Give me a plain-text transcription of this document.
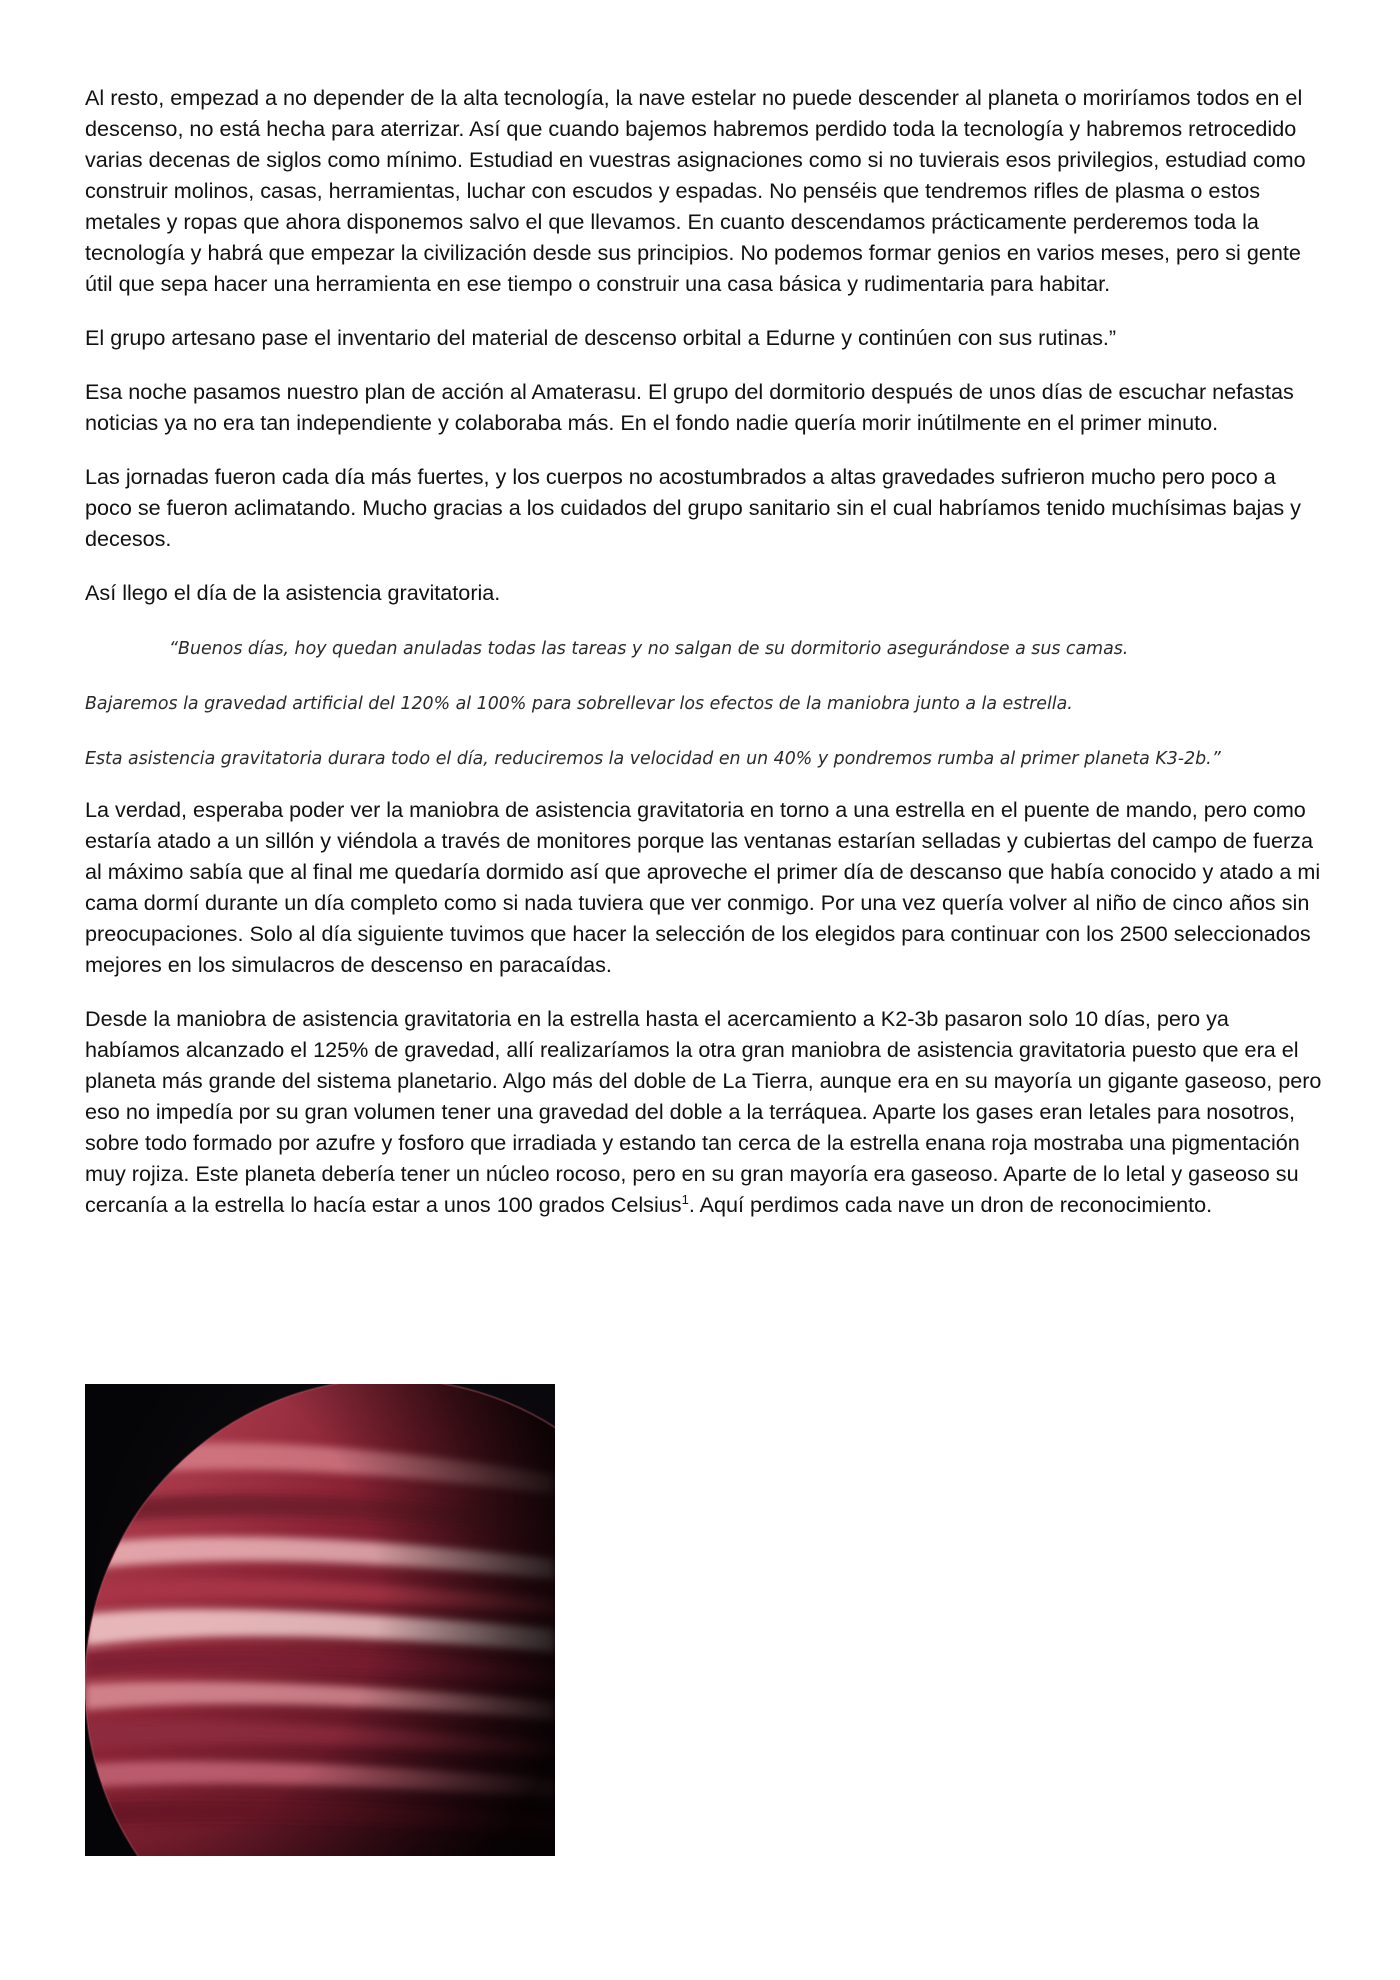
Al resto, empezad a no depender de la alta tecnología, la nave estelar no puede descender al planeta o moriríamos todos en el descenso, no está hecha para aterrizar. Así que cuando bajemos habremos perdido toda la tecnología y habremos retrocedido varias decenas de siglos como mínimo. Estudiad en vuestras asignaciones como si no tuvierais esos privilegios, estudiad como construir molinos, casas, herramientas, luchar con escudos y espadas. No penséis que tendremos rifles de plasma o estos metales y ropas que ahora disponemos salvo el que llevamos. En cuanto descendamos prácticamente perderemos toda la tecnología y habrá que empezar la civilización desde sus principios. No podemos formar genios en varios meses, pero si gente útil que sepa hacer una herramienta en ese tiempo o construir una casa básica y rudimentaria para habitar.

El grupo artesano pase el inventario del material de descenso orbital a Edurne y continúen con sus rutinas.”

Esa noche pasamos nuestro plan de acción al Amaterasu. El grupo del dormitorio después de unos días de escuchar nefastas noticias ya no era tan independiente y colaboraba más. En el fondo nadie quería morir inútilmente en el primer minuto.

Las jornadas fueron cada día más fuertes, y los cuerpos no acostumbrados a altas gravedades sufrieron mucho pero poco a poco se fueron aclimatando. Mucho gracias a los cuidados del grupo sanitario sin el cual habríamos tenido muchísimas bajas y decesos.

Así llego el día de la asistencia gravitatoria.

“Buenos días, hoy quedan anuladas todas las tareas y no salgan de su dormitorio asegurándose a sus camas.

Bajaremos la gravedad artificial del 120% al 100% para sobrellevar los efectos de la maniobra junto a la estrella.

Esta asistencia gravitatoria durara todo el día, reduciremos la velocidad en un 40% y pondremos rumba al primer planeta K3-2b.”

La verdad, esperaba poder ver la maniobra de asistencia gravitatoria en torno a una estrella en el puente de mando, pero como estaría atado a un sillón y viéndola a través de monitores porque las ventanas estarían selladas y cubiertas del campo de fuerza al máximo sabía que al final me quedaría dormido así que aproveche el primer día de descanso que había conocido y atado a mi cama dormí durante un día completo como si nada tuviera que ver conmigo. Por una vez quería volver al niño de cinco años sin preocupaciones. Solo al día siguiente tuvimos que hacer la selección de los elegidos para continuar con los 2500 seleccionados mejores en los simulacros de descenso en paracaídas.

Desde la maniobra de asistencia gravitatoria en la estrella hasta el acercamiento a K2-3b pasaron solo 10 días, pero ya habíamos alcanzado el 125% de gravedad, allí realizaríamos la otra gran maniobra de asistencia gravitatoria puesto que era el planeta más grande del sistema planetario. Algo más del doble de La Tierra, aunque era en su mayoría un gigante gaseoso, pero eso no impedía por su gran volumen tener una gravedad del doble a la terráquea. Aparte los gases eran letales para nosotros, sobre todo formado por azufre y fosforo que irradiada y estando tan cerca de la estrella enana roja mostraba una pigmentación muy rojiza. Este planeta debería tener un núcleo rocoso, pero en su gran mayoría era gaseoso. Aparte de lo letal y gaseoso su cercanía a la estrella lo hacía estar a unos 100 grados Celsius$^1$. Aquí perdimos cada nave un dron de reconocimiento.
